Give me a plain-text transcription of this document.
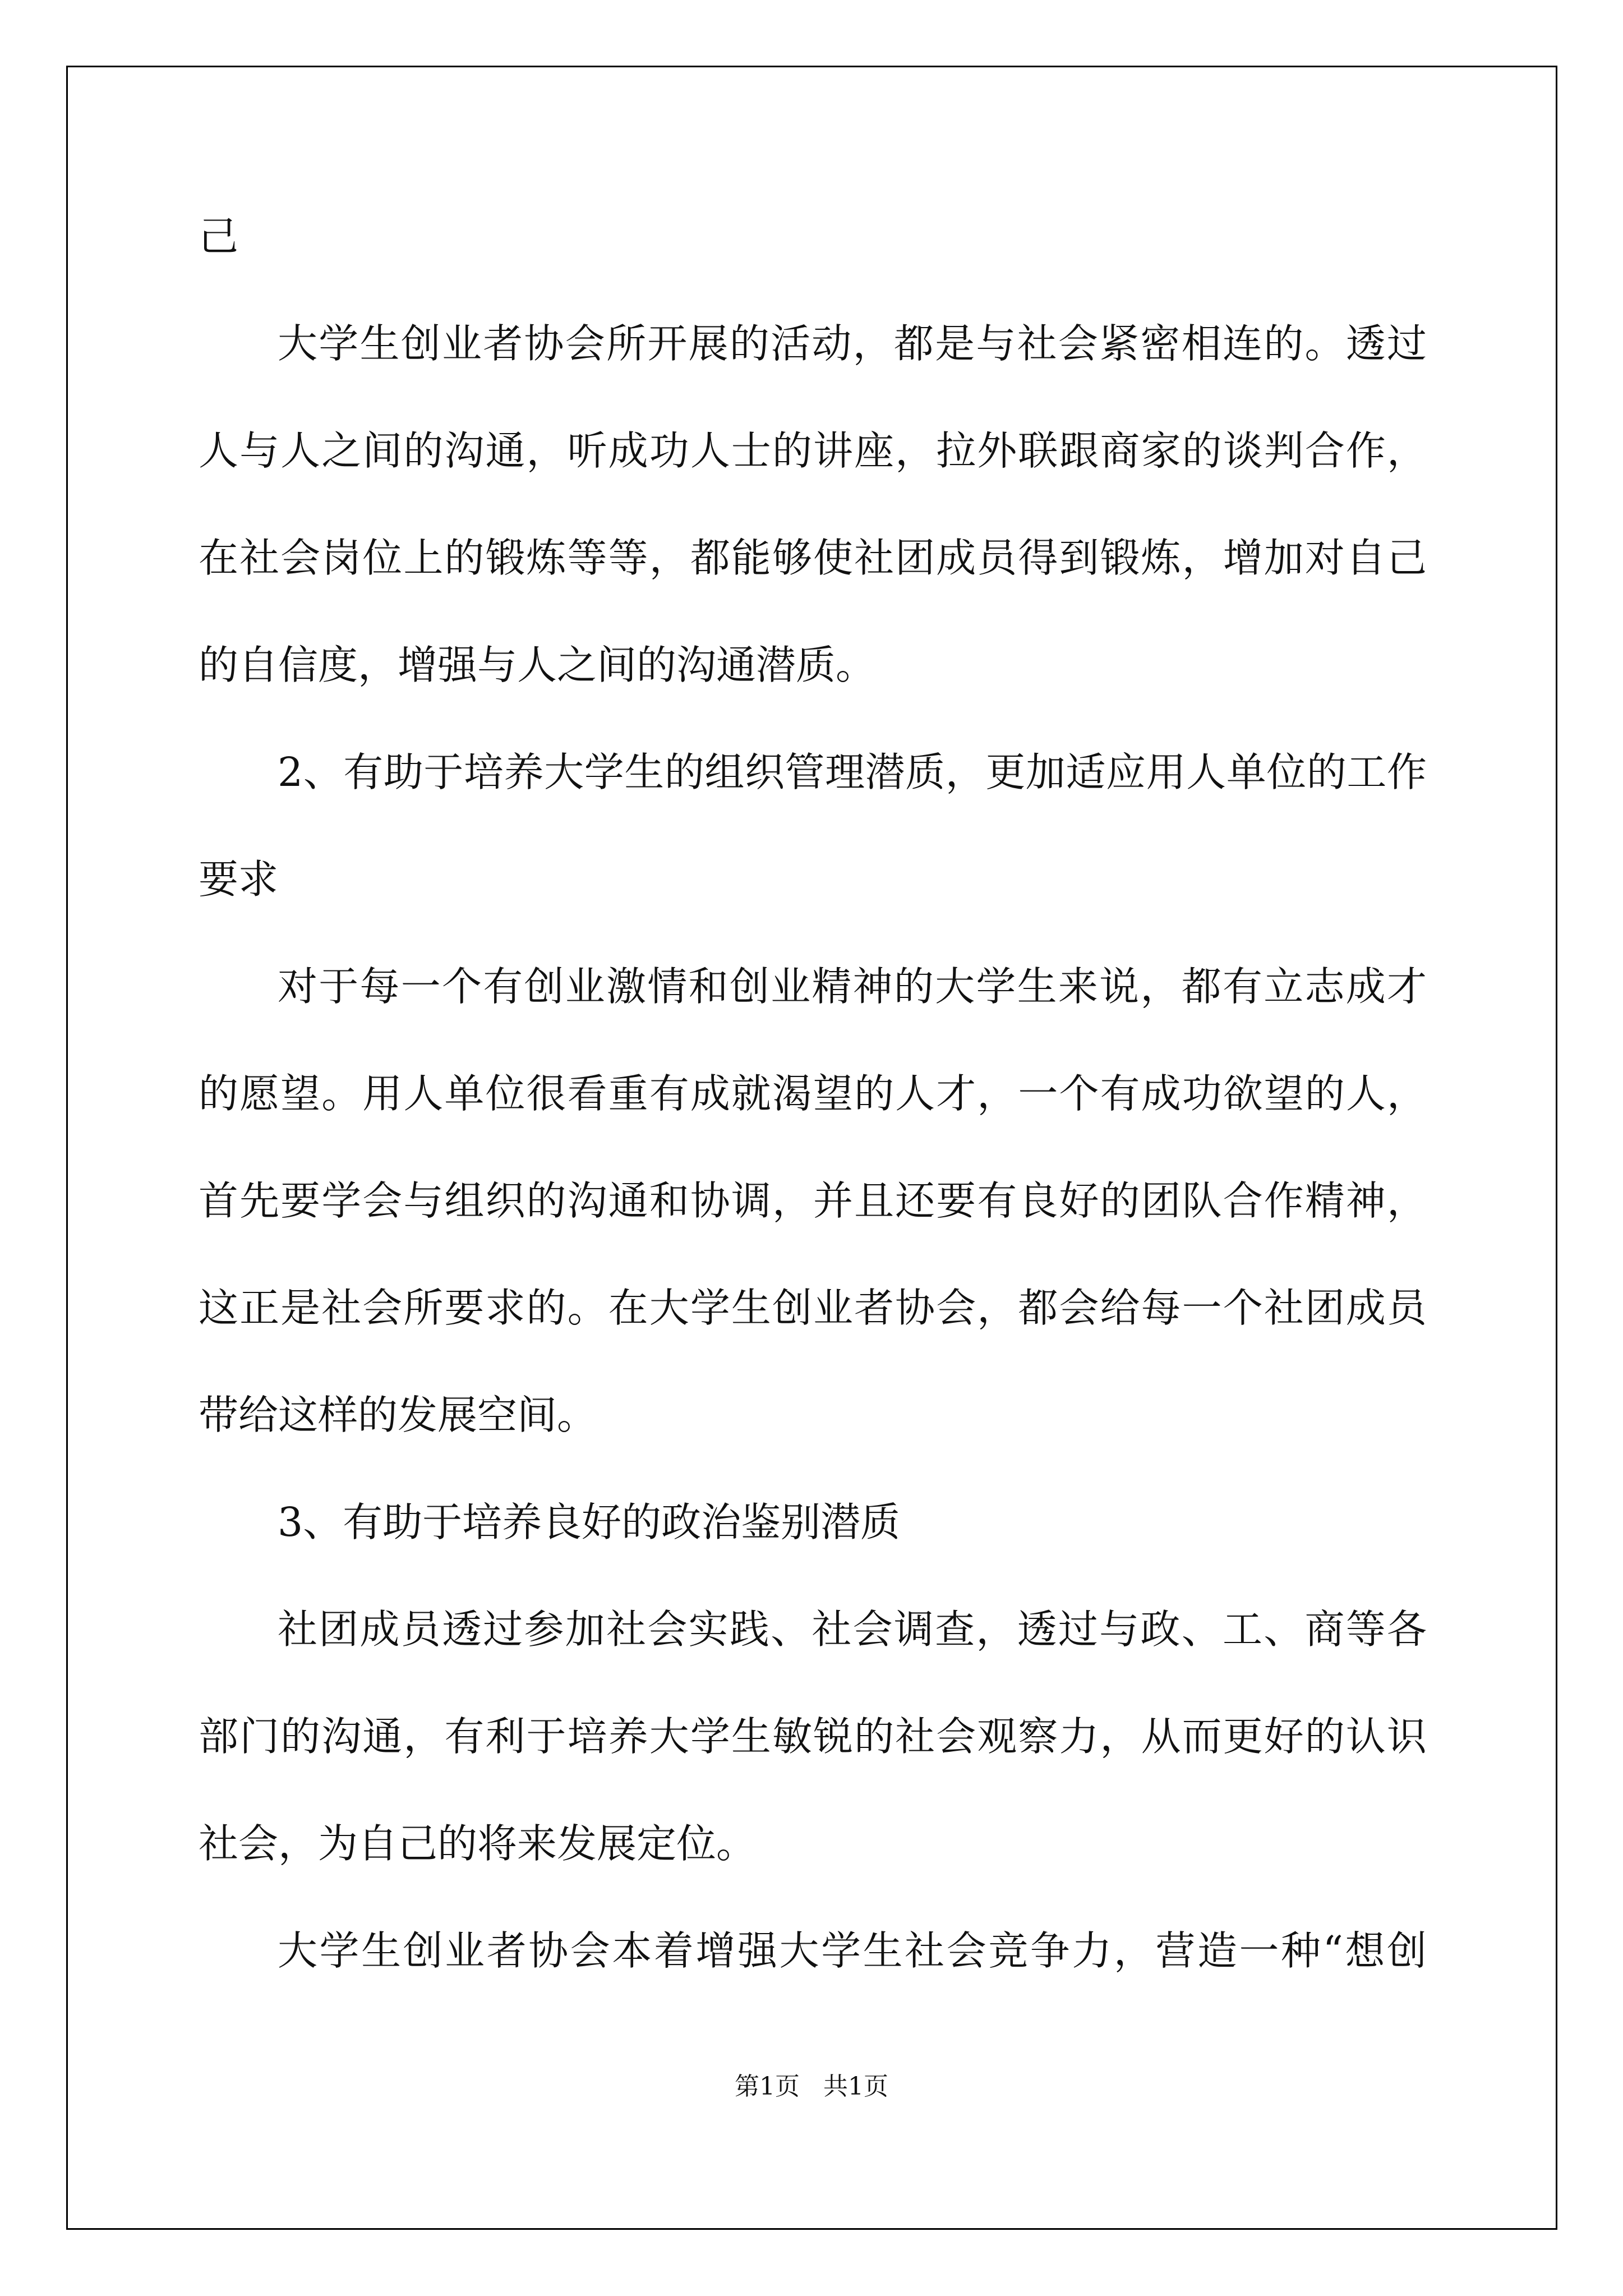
己
大学生创业者协会所开展的活动，都是与社会紧密相连的。透过
人与人之间的沟通，听成功人士的讲座，拉外联跟商家的谈判合作，
在社会岗位上的锻炼等等，都能够使社团成员得到锻炼，增加对自己
的自信度，增强与人之间的沟通潜质。
2、有助于培养大学生的组织管理潜质，更加适应用人单位的工作
要求
对于每一个有创业激情和创业精神的大学生来说，都有立志成才
的愿望。用人单位很看重有成就渴望的人才，一个有成功欲望的人，
首先要学会与组织的沟通和协调，并且还要有良好的团队合作精神，
这正是社会所要求的。在大学生创业者协会，都会给每一个社团成员
带给这样的发展空间。
3、有助于培养良好的政治鉴别潜质
社团成员透过参加社会实践、社会调查，透过与政、工、商等各
部门的沟通，有利于培养大学生敏锐的社会观察力，从而更好的认识
社会，为自己的将来发展定位。
大学生创业者协会本着增强大学生社会竞争力，营造一种“想创
第1页 共1页
